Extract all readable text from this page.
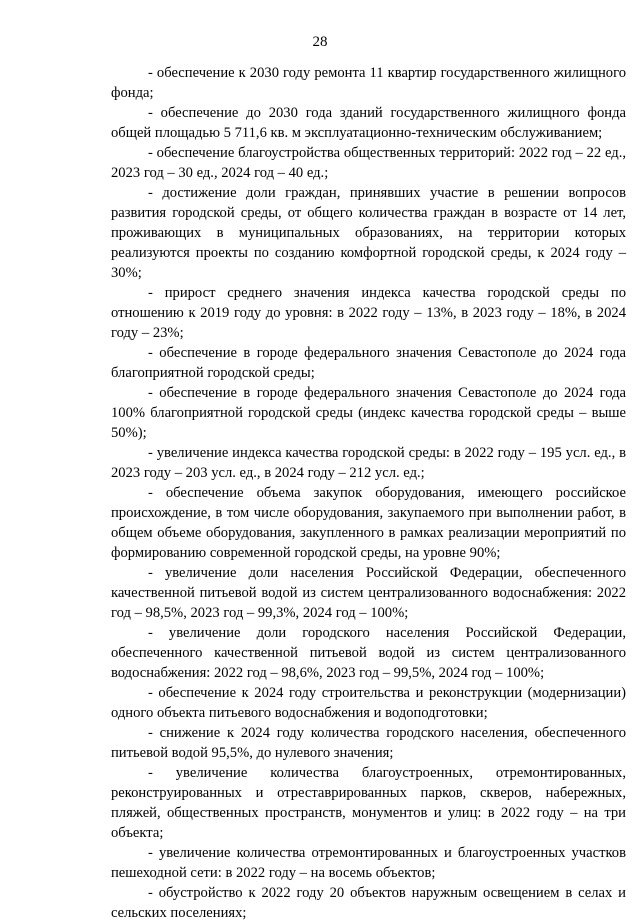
28

- обеспечение к 2030 году ремонта 11 квартир государственного жилищного фонда;

- обеспечение до 2030 года зданий государственного жилищного фонда общей площадью 5 711,6 кв. м эксплуатационно-техническим обслуживанием;

- обеспечение благоустройства общественных территорий: 2022 год – 22 ед., 2023 год – 30 ед., 2024 год – 40 ед.;

- достижение доли граждан, принявших участие в решении вопросов развития городской среды, от общего количества граждан в возрасте от 14 лет, проживающих в муниципальных образованиях, на территории которых реализуются проекты по созданию комфортной городской среды, к 2024 году – 30%;

- прирост среднего значения индекса качества городской среды по отношению к 2019 году до уровня: в 2022 году – 13%, в 2023 году – 18%, в 2024 году – 23%;

- обеспечение в городе федерального значения Севастополе до 2024 года благоприятной городской среды;

- обеспечение в городе федерального значения Севастополе до 2024 года 100% благоприятной городской среды (индекс качества городской среды – выше 50%);

- увеличение индекса качества городской среды: в 2022 году – 195 усл. ед., в 2023 году – 203 усл. ед., в 2024 году – 212 усл. ед.;

- обеспечение объема закупок оборудования, имеющего российское происхождение, в том числе оборудования, закупаемого при выполнении работ, в общем объеме оборудования, закупленного в рамках реализации мероприятий по формированию современной городской среды, на уровне 90%;

- увеличение доли населения Российской Федерации, обеспеченного качественной питьевой водой из систем централизованного водоснабжения: 2022 год – 98,5%, 2023 год – 99,3%, 2024 год – 100%;

- увеличение доли городского населения Российской Федерации, обеспеченного качественной питьевой водой из систем централизованного водоснабжения: 2022 год – 98,6%, 2023 год – 99,5%, 2024 год – 100%;

- обеспечение к 2024 году строительства и реконструкции (модернизации) одного объекта питьевого водоснабжения и водоподготовки;

- снижение к 2024 году количества городского населения, обеспеченного питьевой водой 95,5%, до нулевого значения;

- увеличение количества благоустроенных, отремонтированных, реконструированных и отреставрированных парков, скверов, набережных, пляжей, общественных пространств, монументов и улиц: в 2022 году – на три объекта;

- увеличение количества отремонтированных и благоустроенных участков пешеходной сети: в 2022 году – на восемь объектов;

- обустройство к 2022 году 20 объектов наружным освещением в селах и сельских поселениях;
